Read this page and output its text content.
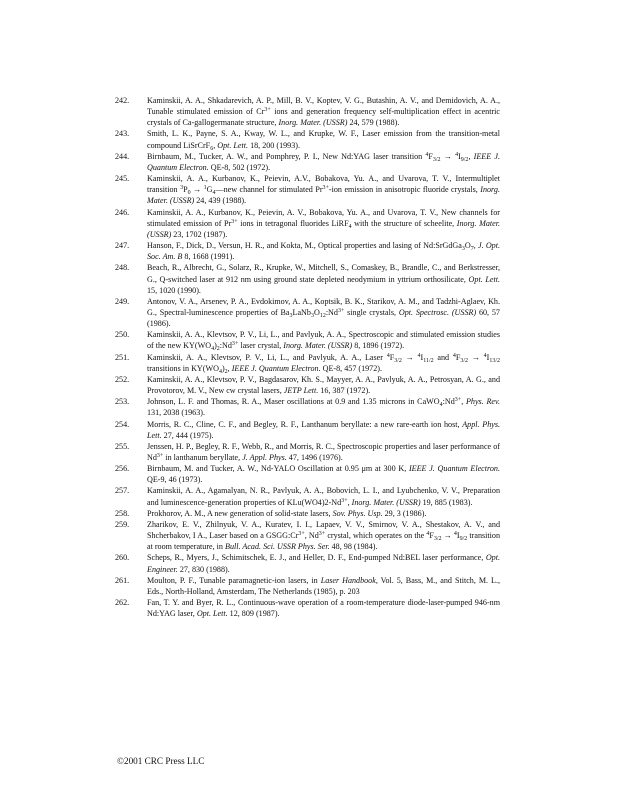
242. Kaminskii, A. A., Shkadarevich, A. P., Mill, B. V., Koptev, V. G., Butashin, A. V., and Demidovich, A. A., Tunable stimulated emission of $Cr^{3+}$ ions and generation frequency self-multiplication effect in acentric crystals of Ca-gallogermanate structure, Inorg. Mater. (USSR) 24, 579 (1988).
243. Smith, L. K., Payne, S. A., Kway, W. L., and Krupke, W. F., Laser emission from the transition-metal compound LiSrCrF$_6$, Opt. Lett. 18, 200 (1993).
244. Birnbaum, M., Tucker, A. W., and Pomphrey, P. I., New Nd:YAG laser transition $^4F_{3/2} \to ^4I_{9/2}$, IEEE J. Quantum Electron. QE-8, 502 (1972).
245. Kaminskii, A. A., Kurbanov, K., Peievin, A.V., Bobakova, Yu. A., and Uvarova, T. V., Intermultiplet transition $^3P_0$ → $^1G_4—new$ channel for stimulated $Pr^{3+}$-ion emission in anisotropic fluoride crystals, Inorg. Mater. (USSR) 24, 439 (1988).
246. Kaminskii, A. A., Kurbanov, K., Peievin, A. V., Bobakova, Yu. A., and Uvarova, T. V., New channels for stimulated emission of $Pr^{3+}$ ions in tetragonal fluorides LiRF$_4$ with the structure of scheelite, Inorg. Mater. (USSR) 23, 1702 (1987).
247. Hanson, F., Dick, D., Versun, H. R., and Kokta, M., Optical properties and lasing of $Nd:SrGdGa_3O_7$, J. Opt. Soc. Am. B 8, 1668 (1991).
248. Beach, R., Albrecht, G., Solarz, R., Krupke, W., Mitchell, S., Comaskey, B., Brandle, C., and Berkstresser, G., Q-switched laser at 912 nm using ground state depleted neodymium in yttrium orthosilicate, Opt. Lett. 15, 1020 (1990).
249. Antonov, V. A., Arsenev, P. A., Evdokimov, A. A., Koptsik, B. K., Starikov, A. M., and Tadzhi-Aglaev, Kh. G., Spectral-luminescence properties of $Ba_3LaNb_3O_{12}:Nd^{3+}$ single crystals, Opt. Spectrosc. (USSR) 60, 57 (1986).
250. Kaminskii, A. A., Klevtsov, P. V., Li, L., and Pavlyuk, A. A., Spectroscopic and stimulated emission studies of the new $KY(WO_4)_2:Nd^{3+}$ laser crystal, Inorg. Mater. (USSR) 8, 1896 (1972).
251. Kaminskii, A. A., Klevtsov, P. V., Li, L., and Pavlyuk, A. A., Laser $^4F_{3/2} \to ^4I_{11/2}$ and $^4F_{3/2} \to ^4I_{13/2}$ transitions in $KY(WO_4)_2$, IEEE J. Quantum Electron. QE-8, 457 (1972).
252. Kaminskii, A. A., Klevtsov, P. V., Bagdasarov, Kh. S., Mayyer, A. A., Pavlyuk, A. A., Petrosyan, A. G., and Provotorov, M. V., New cw crystal lasers, JETP Lett. 16, 387 (1972).
253. Johnson, L. F. and Thomas, R. A., Maser oscillations at 0.9 and 1.35 microns in $CaWO_4:Nd^{3+}$, Phys. Rev. 131, 2038 (1963).
254. Morris, R. C., Cline, C. F., and Begley, R. F., Lanthanum beryllate: a new rare-earth ion host, Appl. Phys. Lett. 27, 444 (1975).
255. Jenssen, H. P., Begley, R. F., Webb, R., and Morris, R. C., Spectroscopic properties and laser performance of $Nd^{3+}$ in lanthanum beryllate, J. Appl. Phys. 47, 1496 (1976).
256. Birnbaum, M. and Tucker, A. W., Nd-YALO Oscillation at 0.95 μm at 300 K, IEEE J. Quantum Electron. QE-9, 46 (1973).
257. Kaminskii, A. A., Agamalyan, N. R., Pavlyuk, A. A., Bobovich, L. I., and Lyubchenko, V. V., Preparation and luminescence-generation properties of $KLu(WO4)2-Nd^{3+}$, Inorg. Mater. (USSR) 19, 885 (1983).
258. Prokhorov, A. M., A new generation of solid-state lasers, Sov. Phys. Usp. 29, 3 (1986).
259. Zharikov, E. V., Zhilnyuk, V. A., Kuratev, I. I., Lapaev, V. V., Smirnov, V. A., Shestakov, A. V., and Shcherbakov, I A., Laser based on a $GSGG:Cr^{3+}$, $Nd^{3+}$ crystal, which operates on the $^4F_{3/2} \to ^4I_{9/2}$ transition at room temperature, in Bull. Acad. Sci. USSR Phys. Ser. 48, 98 (1984).
260. Scheps, R., Myers, J., Schimitschek, E. J., and Heller, D. F., End-pumped Nd:BEL laser performance, Opt. Engineer. 27, 830 (1988).
261. Moulton, P. F., Tunable paramagnetic-ion lasers, in Laser Handbook, Vol. 5, Bass, M., and Stitch, M. L., Eds., North-Holland, Amsterdam, The Netherlands (1985), p. 203
262. Fan, T. Y. and Byer, R. L., Continuous-wave operation of a room-temperature diode-laser-pumped 946-nm Nd:YAG laser, Opt. Lett. 12, 809 (1987).
©2001 CRC Press LLC
